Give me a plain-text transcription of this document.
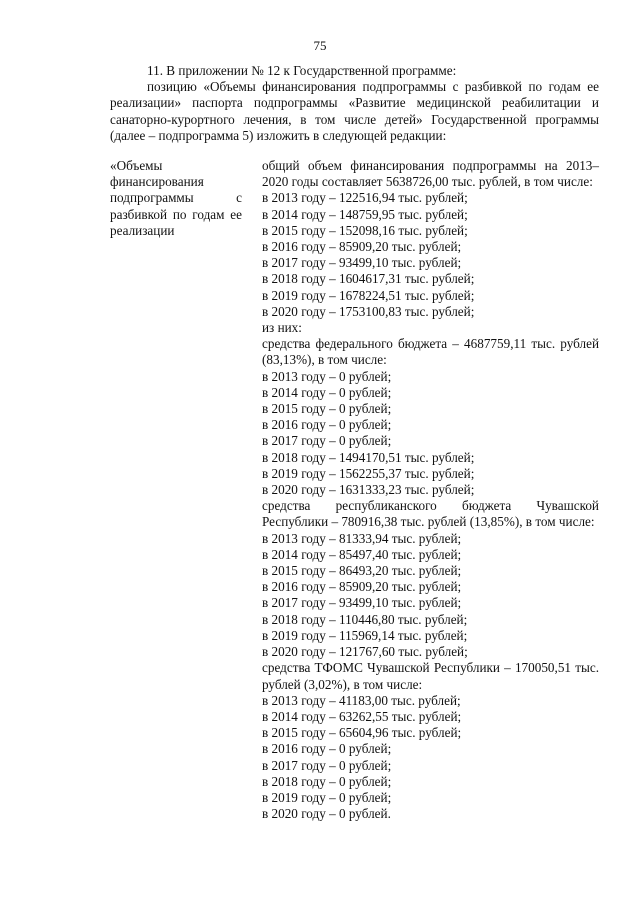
75

11. В приложении № 12 к Государственной программе:

позицию «Объемы финансирования подпрограммы с разбивкой по годам ее реализации» паспорта подпрограммы «Развитие медицинской реабилитации и санаторно-курортного лечения, в том числе детей» Государственной программы (далее – подпрограмма 5) изложить в следующей редакции:

«Объемы финансирования подпрограммы с разбивкой по годам ее реализации
общий объем финансирования подпрограммы на 2013–2020 годы составляет 5638726,00 тыс. рублей, в том числе:
в 2013 году – 122516,94 тыс. рублей;
в 2014 году – 148759,95 тыс. рублей;
в 2015 году – 152098,16 тыс. рублей;
в 2016 году – 85909,20 тыс. рублей;
в 2017 году – 93499,10 тыс. рублей;
в 2018 году – 1604617,31 тыс. рублей;
в 2019 году – 1678224,51 тыс. рублей;
в 2020 году – 1753100,83 тыс. рублей;
из них:
средства федерального бюджета – 4687759,11 тыс. рублей (83,13%), в том числе:
в 2013 году – 0 рублей;
в 2014 году – 0 рублей;
в 2015 году – 0 рублей;
в 2016 году – 0 рублей;
в 2017 году – 0 рублей;
в 2018 году – 1494170,51 тыс. рублей;
в 2019 году – 1562255,37 тыс. рублей;
в 2020 году – 1631333,23 тыс. рублей;
средства республиканского бюджета Чувашской Республики – 780916,38 тыс. рублей (13,85%), в том числе:
в 2013 году – 81333,94 тыс. рублей;
в 2014 году – 85497,40 тыс. рублей;
в 2015 году – 86493,20 тыс. рублей;
в 2016 году – 85909,20 тыс. рублей;
в 2017 году – 93499,10 тыс. рублей;
в 2018 году – 110446,80 тыс. рублей;
в 2019 году – 115969,14 тыс. рублей;
в 2020 году – 121767,60 тыс. рублей;
средства ТФОМС Чувашской Республики – 170050,51 тыс. рублей (3,02%), в том числе:
в 2013 году – 41183,00 тыс. рублей;
в 2014 году – 63262,55 тыс. рублей;
в 2015 году – 65604,96 тыс. рублей;
в 2016 году – 0 рублей;
в 2017 году – 0 рублей;
в 2018 году – 0 рублей;
в 2019 году – 0 рублей;
в 2020 году – 0 рублей.
